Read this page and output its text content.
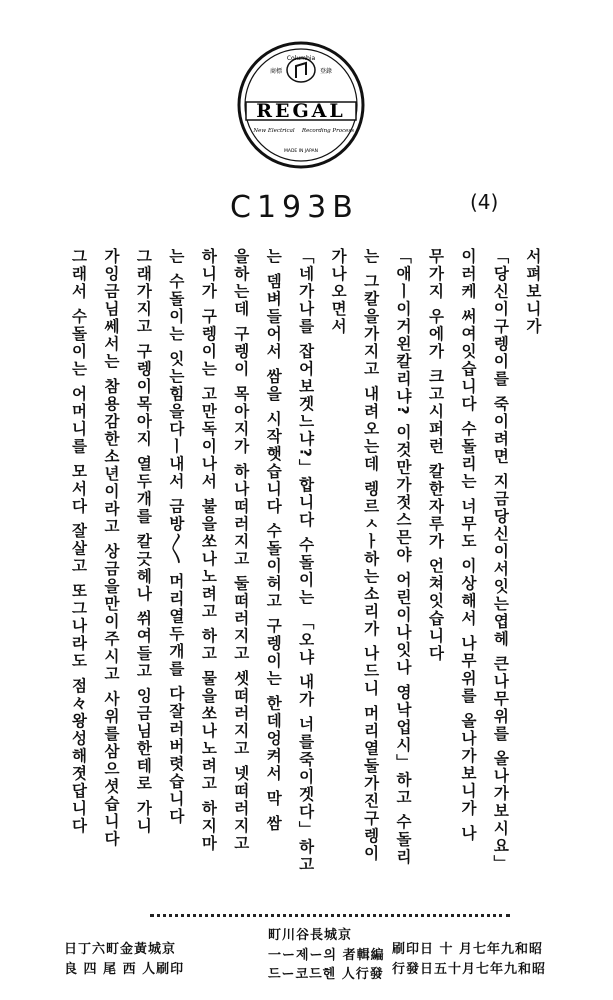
Columbia
商標	登錄
REGAL
New Electrical Recording Process
MADE IN JAPAN
C193B	(4)
서펴보니가
「당신이구렝이를 죽이려면 지금당신이서잇는엽헤 큰나무위를 올나가보시요」
이러케 써여잇습니다 수돌리는 너무도 이상해서 나무위를 올나가보니가 나
무가지 우에가 크고시퍼런 칼한자루가 언쳐잇습니다
「애ㅣ이거왼칼리냐? 이것만가젓스믄야 어린이나잇나 영낙업시」하고 수돌리
는 그칼을가지고 내려오는데 렝르ㅅㅏ하는소리가 나드니 머리열둘가진구렝이
가나오면서
「네가나를 잡어보겟느냐?」합니다 수돌이는 「오냐 내가 너를죽이겟다」하고
는 뎀벼들어서 쌈을 시작햇습니다 수돌이허고 구렝이는 한데엉켜서 막 쌈
을하는데 구렝이 목아지가 하나떠러지고 둘떠러지고 셋떠러지고 넷떠러지고
하니가 구렝이는 고만독이나서 불을쏘나노려고 하고 물을쏘나노려고 하지마
는 수돌이는 잇는힘을다ㅣ내서 금방〳〵 머리열두개를 다잘러버렷습니다
그래가지고 구렝이목아지 열두개를 칼긋헤나 쒸여들고 잉금님한테로 가니
가잉금님쎄서는 참용감한소년이라고 상금을만이주시고 사위를삼으셧습니다
그래서 수돌이는 어머니를 모서다 잘살고 또그나라도 점々왕성해졋답니다
日丁六町金黃城京
良 四 尾 西 人刷印
町川谷長城京
一ー제ー의 者輯編
드ー코드헨 人行發
刷印日 十 月七年九和昭
行發日五十月七年九和昭
